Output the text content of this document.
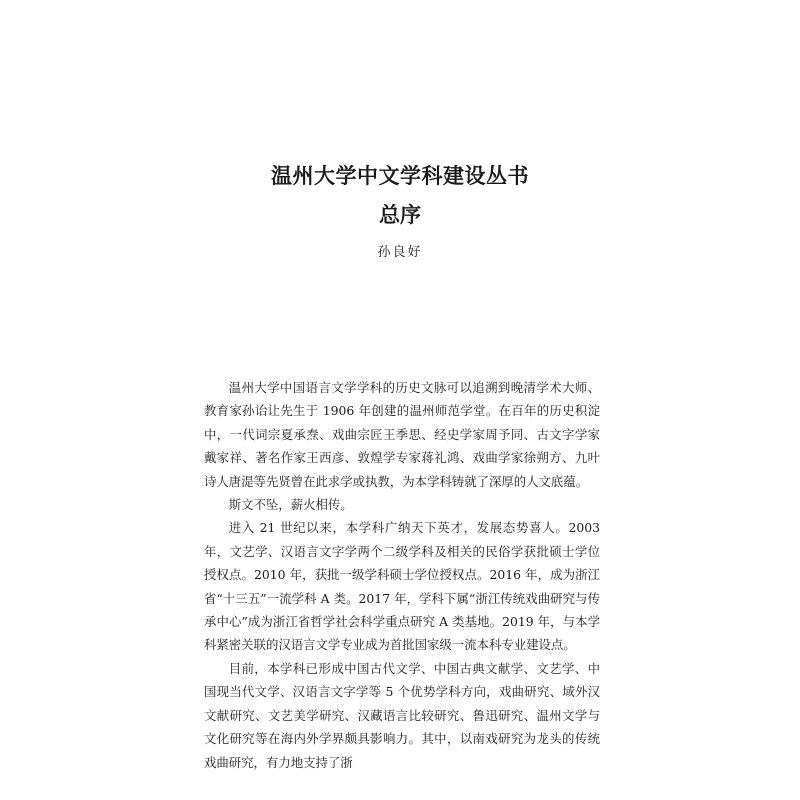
温州大学中文学科建设丛书
总序
孙良好

温州大学中国语言文学学科的历史文脉可以追溯到晚清学术大师、教育家孙诒让先生于 1906 年创建的温州师范学堂。在百年的历史积淀中，一代词宗夏承焘、戏曲宗匠王季思、经史学家周予同、古文字学家戴家祥、著名作家王西彦、敦煌学专家蒋礼鸿、戏曲学家徐朔方、九叶诗人唐湜等先贤曾在此求学或执教，为本学科铸就了深厚的人文底蕴。

斯文不坠，薪火相传。

进入 21 世纪以来，本学科广纳天下英才，发展态势喜人。2003 年，文艺学、汉语言文字学两个二级学科及相关的民俗学获批硕士学位授权点。2010 年，获批一级学科硕士学位授权点。2016 年，成为浙江省“十三五”一流学科 A 类。2017 年，学科下属“浙江传统戏曲研究与传承中心”成为浙江省哲学社会科学重点研究 A 类基地。2019 年，与本学科紧密关联的汉语言文学专业成为首批国家级一流本科专业建设点。

目前，本学科已形成中国古代文学、中国古典文献学、文艺学、中国现当代文学、汉语言文字学等 5 个优势学科方向，戏曲研究、域外汉文献研究、文艺美学研究、汉藏语言比较研究、鲁迅研究、温州文学与文化研究等在海内外学界颇具影响力。其中，以南戏研究为龙头的传统戏曲研究，有力地支持了浙
